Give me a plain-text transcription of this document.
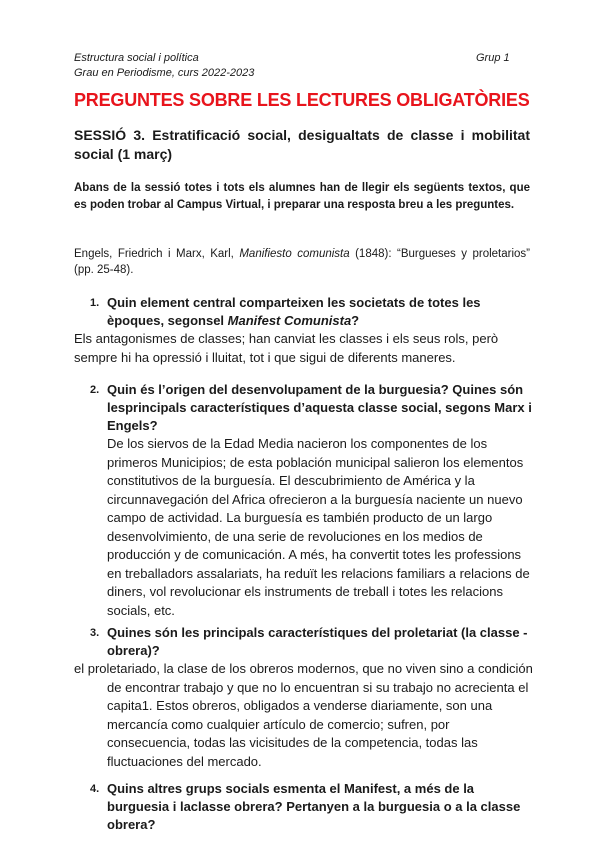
Estructura social i política
Grau en Periodisme, curs 2022-2023
Grup 1
PREGUNTES SOBRE LES LECTURES OBLIGATÒRIES
SESSIÓ 3. Estratificació social, desigualtats de classe i mobilitat social (1 març)
Abans de la sessió totes i tots els alumnes han de llegir els següents textos, que es poden trobar al Campus Virtual, i preparar una resposta breu a les preguntes.
Engels, Friedrich i Marx, Karl, Manifiesto comunista (1848): “Burgueses y proletarios” (pp. 25-48).
1. Quin element central comparteixen les societats de totes les èpoques, segonsel Manifest Comunista?
Els antagonismes de classes; han canviat les classes i els seus rols, però sempre hi ha opressió i lluitat, tot i que sigui de diferents maneres.
2. Quin és l’origen del desenvolupament de la burguesia? Quines són lesprincipals característiques d’aquesta classe social, segons Marx i Engels?
De los siervos de la Edad Media nacieron los componentes de los primeros Municipios; de esta población municipal salieron los elementos constitutivos de la burguesía. El descubrimiento de América y la circunnavegación del Africa ofrecieron a la burguesía naciente un nuevo campo de actividad. La burguesía es también producto de un largo desenvolvimiento, de una serie de revoluciones en los medios de producción y de comunicación. A més, ha convertit totes les professions en treballadors assalariats, ha reduït les relacions familiars a relacions de diners, vol revolucionar els instruments de treball i totes les relacions socials, etc.
3. Quines són les principals característiques del proletariat (la classe - obrera)?
el proletariado, la clase de los obreros modernos, que no viven sino a condición de encontrar trabajo y que no lo encuentran si su trabajo no acrecienta el capita1. Estos obreros, obligados a venderse diariamente, son una mercancía como cualquier artículo de comercio; sufren, por consecuencia, todas las vicisitudes de la competencia, todas las fluctuaciones del mercado.
4. Quins altres grups socials esmenta el Manifest, a més de la burguesia i laclasse obrera? Pertanyen a la burguesia o a la classe obrera?
